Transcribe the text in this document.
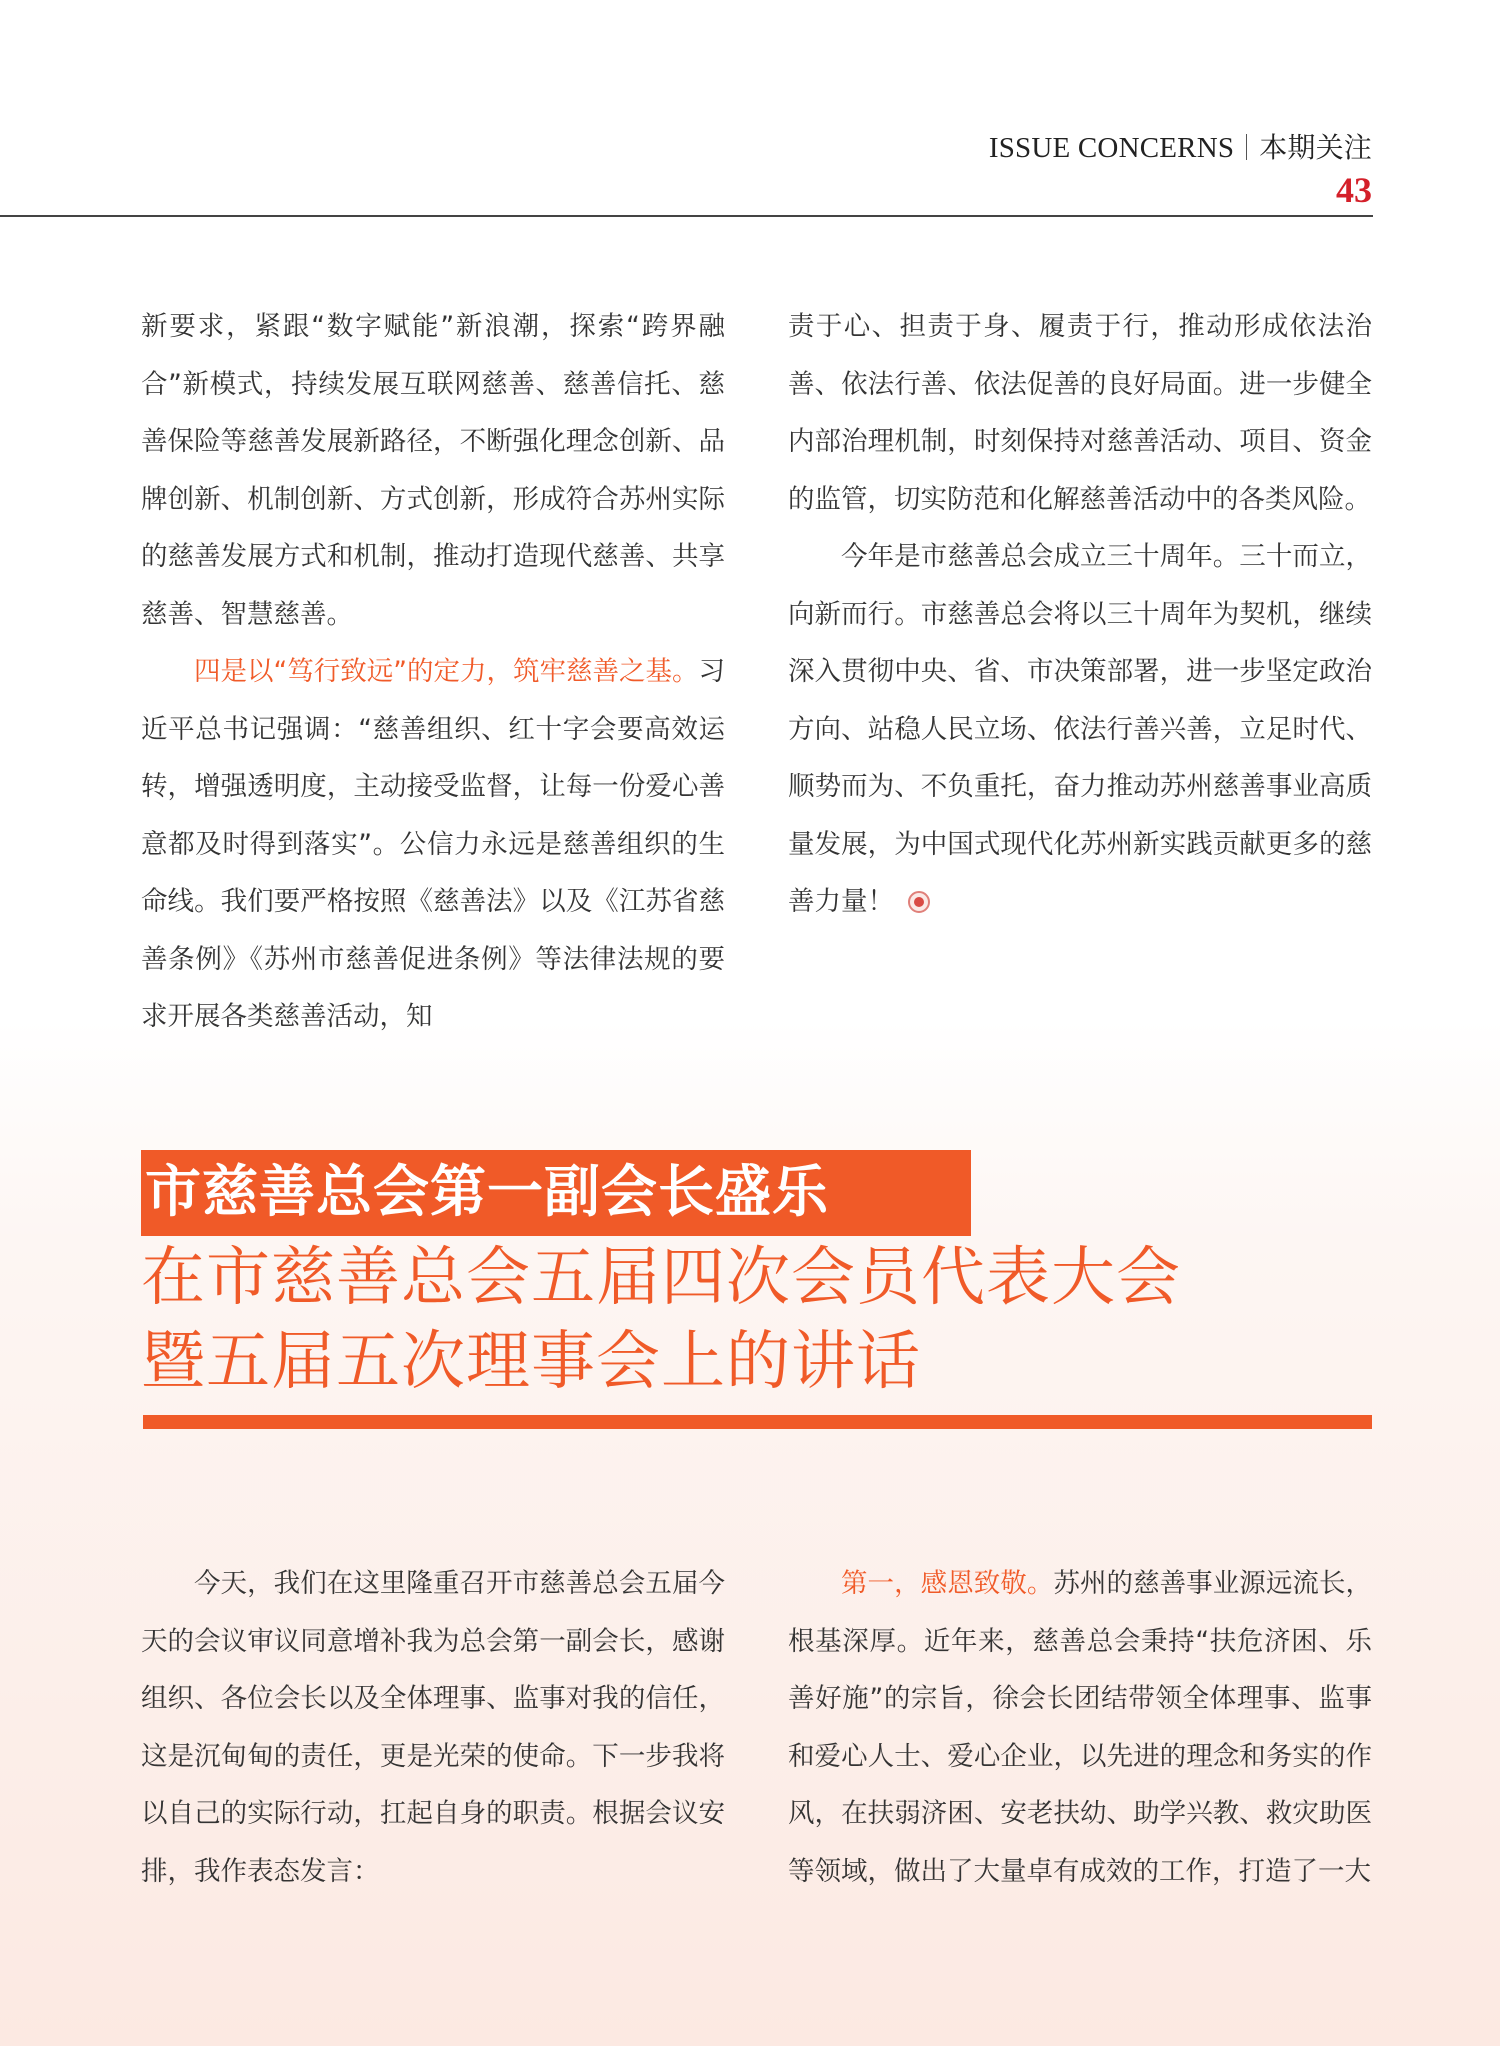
ISSUE CONCERNS 本期关注
43

新要求，紧跟“数字赋能”新浪潮，探索“跨界融合”新模式，持续发展互联网慈善、慈善信托、慈善保险等慈善发展新路径，不断强化理念创新、品牌创新、机制创新、方式创新，形成符合苏州实际的慈善发展方式和机制，推动打造现代慈善、共享慈善、智慧慈善。

四是以“笃行致远”的定力，筑牢慈善之基。习近平总书记强调：“慈善组织、红十字会要高效运转，增强透明度，主动接受监督，让每一份爱心善意都及时得到落实”。公信力永远是慈善组织的生命线。我们要严格按照《慈善法》以及《江苏省慈善条例》《苏州市慈善促进条例》等法律法规的要求开展各类慈善活动，知

责于心、担责于身、履责于行，推动形成依法治善、依法行善、依法促善的良好局面。进一步健全内部治理机制，时刻保持对慈善活动、项目、资金的监管，切实防范和化解慈善活动中的各类风险。

今年是市慈善总会成立三十周年。三十而立，向新而行。市慈善总会将以三十周年为契机，继续深入贯彻中央、省、市决策部署，进一步坚定政治方向、站稳人民立场、依法行善兴善，立足时代、顺势而为、不负重托，奋力推动苏州慈善事业高质量发展，为中国式现代化苏州新实践贡献更多的慈善力量！

市慈善总会第一副会长盛乐
在市慈善总会五届四次会员代表大会
暨五届五次理事会上的讲话

今天，我们在这里隆重召开市慈善总会五届今天的会议审议同意增补我为总会第一副会长，感谢组织、各位会长以及全体理事、监事对我的信任，这是沉甸甸的责任，更是光荣的使命。下一步我将以自己的实际行动，扛起自身的职责。根据会议安排，我作表态发言：

第一，感恩致敬。苏州的慈善事业源远流长，根基深厚。近年来，慈善总会秉持“扶危济困、乐善好施”的宗旨，徐会长团结带领全体理事、监事和爱心人士、爱心企业，以先进的理念和务实的作风，在扶弱济困、安老扶幼、助学兴教、救灾助医等领域，做出了大量卓有成效的工作，打造了一大
